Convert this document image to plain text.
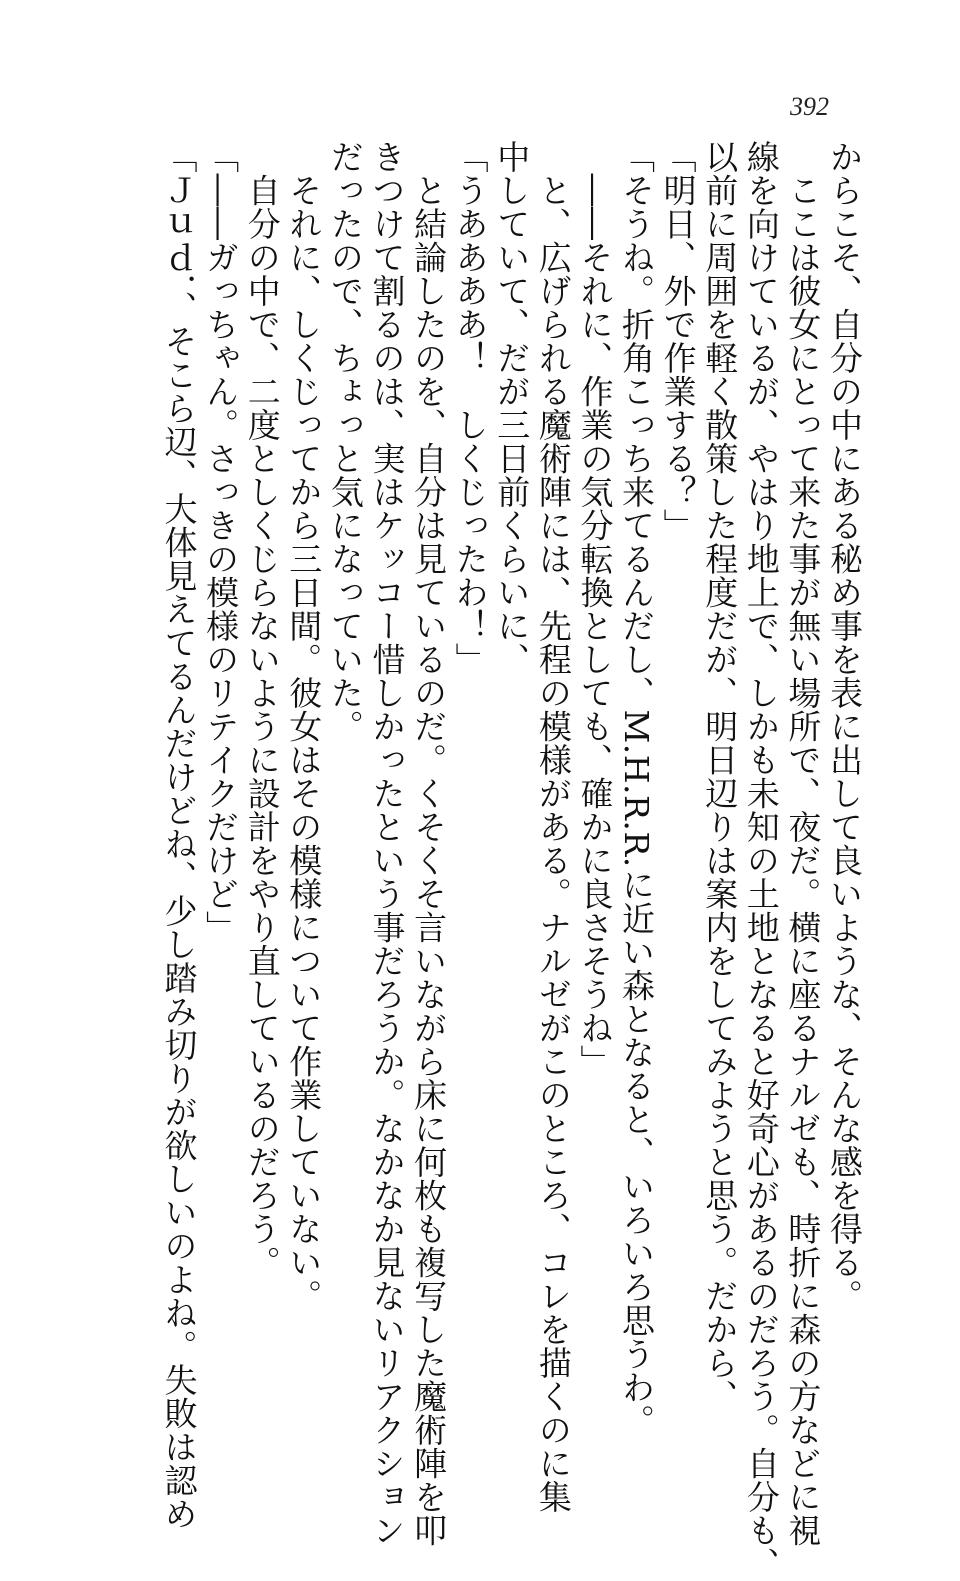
392
からこそ、自分の中にある秘め事を表に出して良いような、そんな感を得る。
　ここは彼女にとって来た事が無い場所で、夜だ。横に座るナルゼも、時折に森の方などに視
線を向けているが、やはり地上で、しかも未知の土地となると好奇心があるのだろう。自分も、
以前に周囲を軽く散策した程度だが、明日辺りは案内をしてみようと思う。だから、
「明日、外で作業する？」
「そうね。折角こっち来てるんだし、M.H.R.R.に近い森となると、いろいろ思うわ。
　――それに、作業の気分転換としても、確かに良さそうね」
　と、広げられる魔術陣には、先程の模様がある。ナルゼがこのところ、コレを描くのに集
中していて、だが三日前くらいに、
「うああああ！　しくじったわ！」
　と結論したのを、自分は見ているのだ。くそくそ言いながら床に何枚も複写した魔術陣を叩
きつけて割るのは、実はケッコー惜しかったという事だろうか。なかなか見ないリアクション
だったので、ちょっと気になっていた。
　それに、しくじってから三日間。彼女はその模様について作業していない。
　自分の中で、二度としくじらないように設計をやり直しているのだろう。
「――ガっちゃん。さっきの模様のリテイクだけど」
「Ｊｕｄ．、そこら辺、大体見えてるんだけどね、少し踏み切りが欲しいのよね。失敗は認め
